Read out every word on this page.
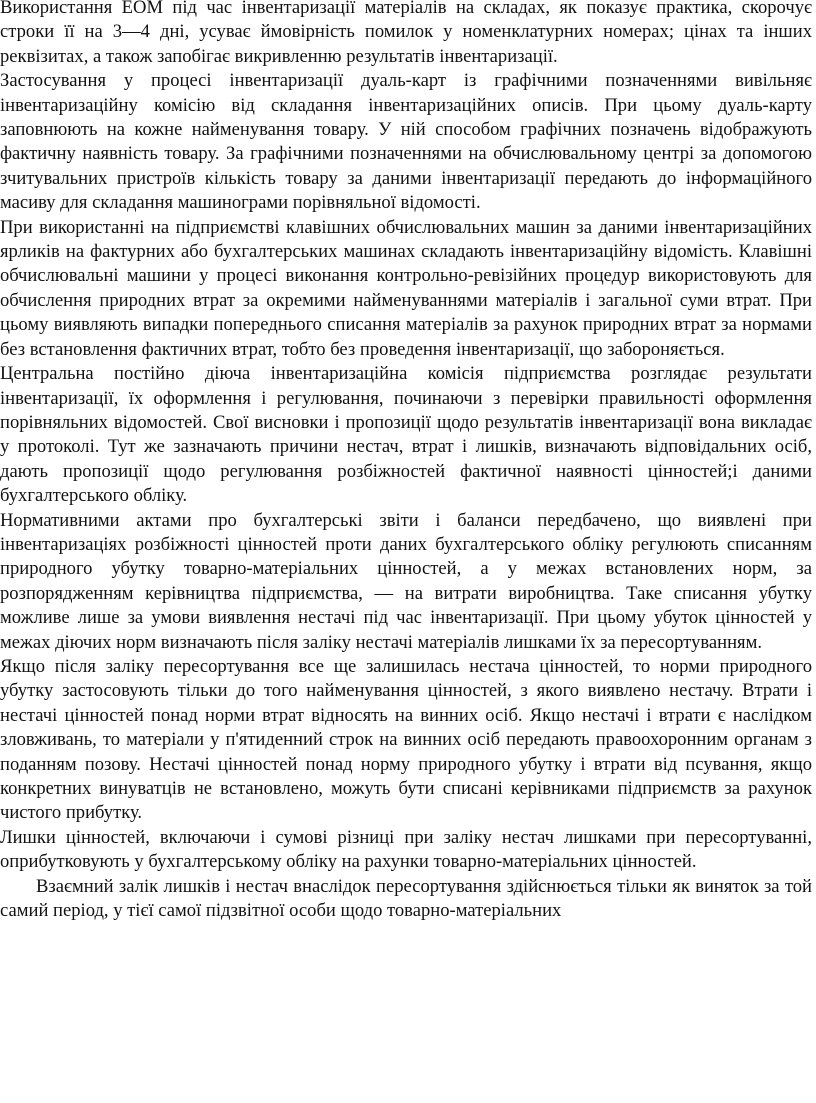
Використання ЕОМ під час інвентаризації матеріалів на складах, як показує практика, скорочує строки її на 3—4 дні, усуває ймовірність помилок у номенклатурних номерах; цінах та інших реквізитах, а також запобігає викривленню результатів інвентаризації.

Застосування у процесі інвентаризації дуаль-карт із графічними позначеннями вивільняє інвентаризаційну комісію від складання інвентаризаційних описів. При цьому дуаль-карту заповнюють на кожне найменування товару. У ній способом графічних позначень відображують фактичну наявність товару. За графічними позначеннями на обчислювальному центрі за допомогою зчитувальних пристроїв кількість товару за даними інвентаризації передають до інформаційного масиву для складання машинограми порівняльної відомості.

При використанні на підприємстві клавішних обчислювальних машин за даними інвентаризаційних ярликів на фактурних або бухгалтерських машинах складають інвентаризаційну відомість. Клавішні обчислювальні машини у процесі виконання контрольно-ревізійних процедур використовують для обчислення природних втрат за окремими найменуваннями матеріалів і загальної суми втрат. При цьому виявляють випадки попереднього списання матеріалів за рахунок природних втрат за нормами без встановлення фактичних втрат, тобто без проведення інвентаризації, що забороняється.

Центральна постійно діюча інвентаризаційна комісія підприємства розглядає результати інвентаризації, їх оформлення і регулювання, починаючи з перевірки правильності оформлення порівняльних відомостей. Свої висновки і пропозиції щодо результатів інвентаризації вона викладає у протоколі. Тут же зазначають причини нестач, втрат і лишків, визначають відповідальних осіб, дають пропозиції щодо регулювання розбіжностей фактичної наявності цінностей;і даними бухгалтерського обліку.

Нормативними актами про бухгалтерські звіти і баланси передбачено, що виявлені при інвентаризаціях розбіжності цінностей проти даних бухгалтерського обліку регулюють списанням природного убутку товарно-матеріальних цінностей, а у межах встановлених норм, за розпорядженням керівництва підприємства, — на витрати виробництва. Таке списання убутку можливе лише за умови виявлення нестачі під час інвентаризації. При цьому убуток цінностей у межах діючих норм визначають після заліку нестачі матеріалів лишками їх за пересортуванням.

Якщо після заліку пересортування все ще залишилась нестача цінностей, то норми природного убутку застосовують тільки до того найменування цінностей, з якого виявлено нестачу. Втрати і нестачі цінностей понад норми втрат відносять на винних осіб. Якщо нестачі і втрати є наслідком зловживань, то матеріали у п'ятиденний строк на винних осіб передають правоохоронним органам з поданням позову. Нестачі цінностей понад норму природного убутку і втрати від псування, якщо конкретних винуватців не встановлено, можуть бути списані керівниками підприємств за рахунок чистого прибутку.

Лишки цінностей, включаючи і сумові різниці при заліку нестач лишками при пересортуванні, оприбутковують у бухгалтерському обліку на рахунки товарно-матеріальних цінностей.

Взаємний залік лишків і нестач внаслідок пересортування здійснюється тільки як виняток за той самий період, у тієї самої підзвітної особи щодо товарно-матеріальних
